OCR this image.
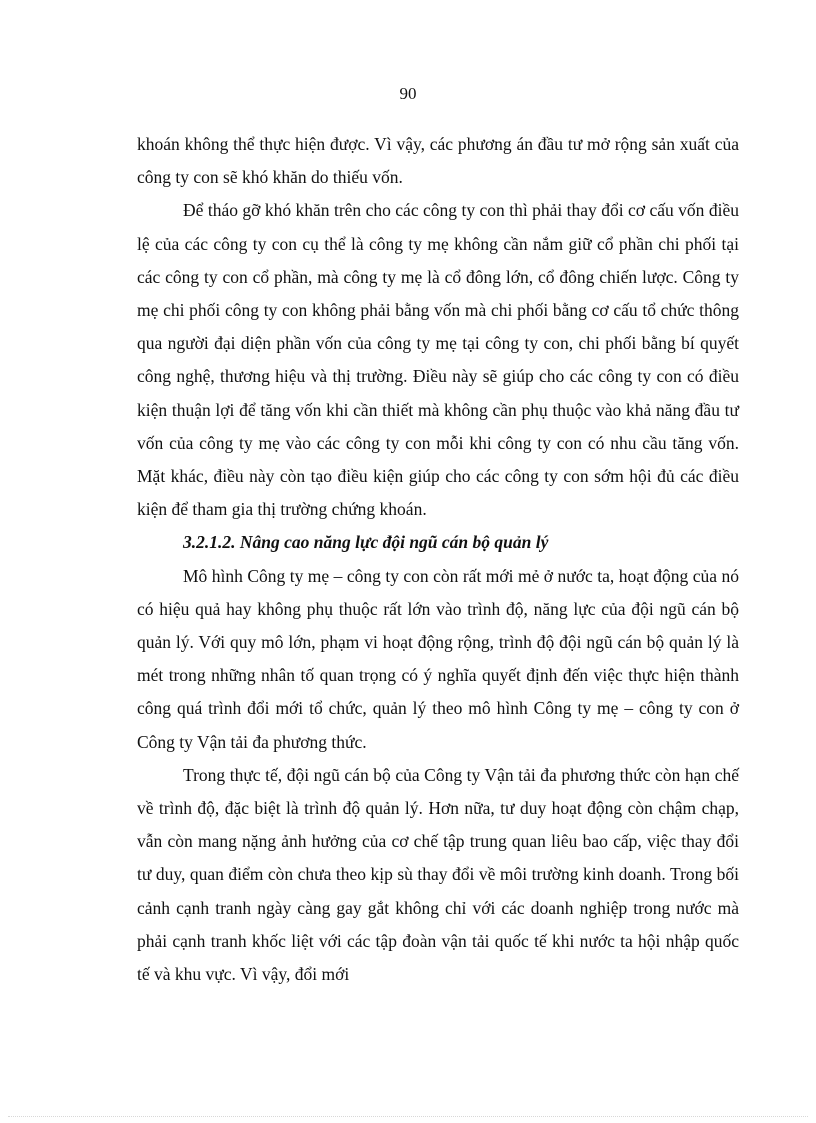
90

khoán không thể thực hiện được. Vì vậy, các phương án đầu tư mở rộng sản xuất của công ty con sẽ khó khăn do thiếu vốn.

Để tháo gỡ khó khăn trên cho các công ty con thì phải thay đổi cơ cấu vốn điều lệ của các công ty con cụ thể là công ty mẹ không cần nắm giữ cổ phần chi phối tại các công ty con cổ phần, mà công ty mẹ là cổ đông lớn, cổ đông chiến lược. Công ty mẹ chi phối công ty con không phải bằng vốn mà chi phối bằng cơ cấu tổ chức thông qua người đại diện phần vốn của công ty mẹ tại công ty con, chi phối bằng bí quyết công nghệ, thương hiệu và thị trường. Điều này sẽ giúp cho các công ty con có điều kiện thuận lợi để tăng vốn khi cần thiết mà không cần phụ thuộc vào khả năng đầu tư vốn của công ty mẹ vào các công ty con mỗi khi công ty con có nhu cầu tăng vốn. Mặt khác, điều này còn tạo điều kiện giúp cho các công ty con sớm hội đủ các điều kiện để tham gia thị trường chứng khoán.

3.2.1.2. Nâng cao năng lực đội ngũ cán bộ quản lý

Mô hình Công ty mẹ – công ty con còn rất mới mẻ ở nước ta, hoạt động của nó có hiệu quả hay không phụ thuộc rất lớn vào trình độ, năng lực của đội ngũ cán bộ quản lý. Với quy mô lớn, phạm vi hoạt động rộng, trình độ đội ngũ cán bộ quản lý là mét trong những nhân tố quan trọng có ý nghĩa quyết định đến việc thực hiện thành công quá trình đổi mới tổ chức, quản lý theo mô hình Công ty mẹ – công ty con ở Công ty Vận tải đa phương thức.

Trong thực tế, đội ngũ cán bộ của Công ty Vận tải đa phương thức còn hạn chế về trình độ, đặc biệt là trình độ quản lý. Hơn nữa, tư duy hoạt động còn chậm chạp, vẫn còn mang nặng ảnh hưởng của cơ chế tập trung quan liêu bao cấp, việc thay đổi tư duy, quan điểm còn chưa theo kịp sù thay đổi về môi trường kinh doanh. Trong bối cảnh cạnh tranh ngày càng gay gắt không chỉ với các doanh nghiệp trong nước mà phải cạnh tranh khốc liệt với các tập đoàn vận tải quốc tế khi nước ta hội nhập quốc tế và khu vực. Vì vậy, đổi mới
